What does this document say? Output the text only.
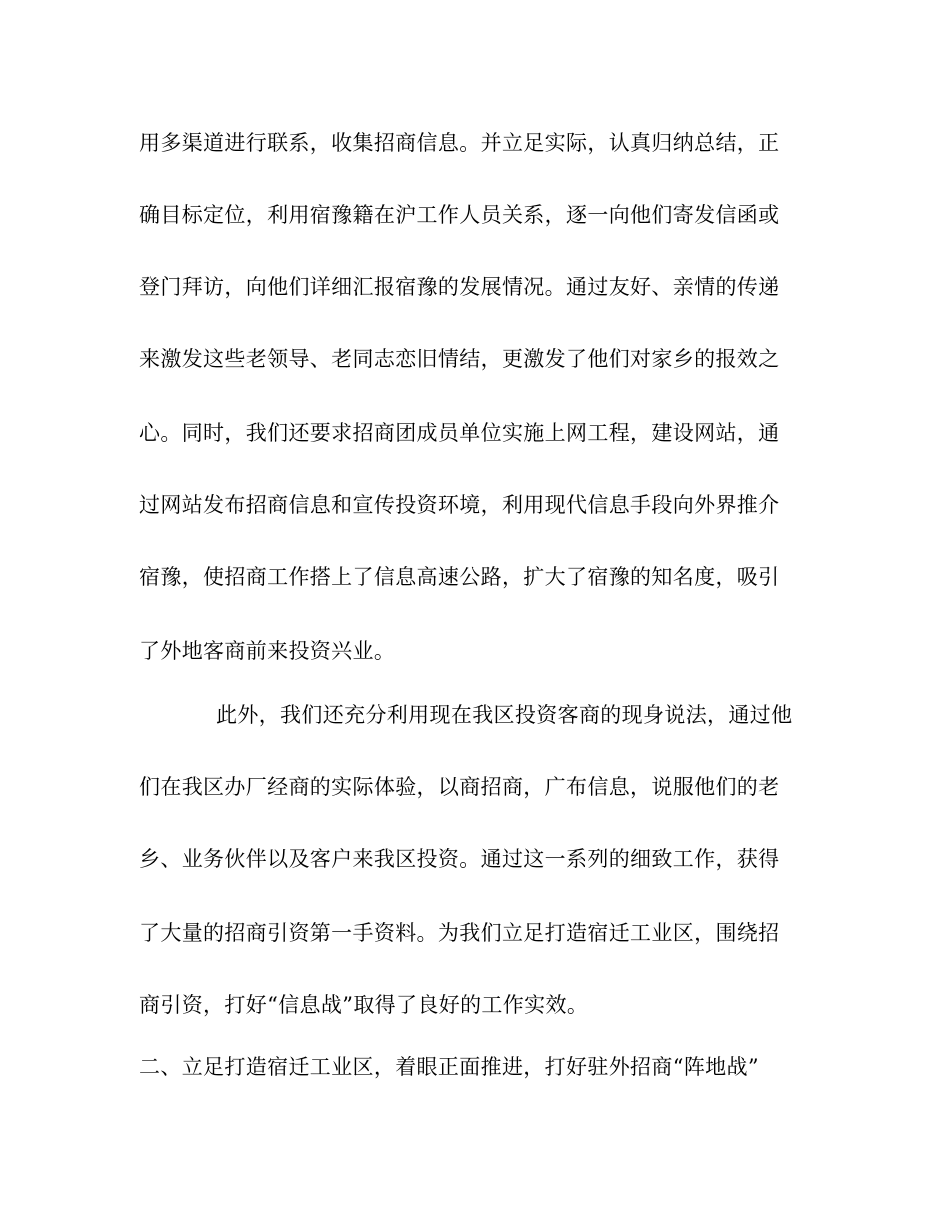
用多渠道进行联系，收集招商信息。并立足实际，认真归纳总结，正
确目标定位，利用宿豫籍在沪工作人员关系，逐一向他们寄发信函或
登门拜访，向他们详细汇报宿豫的发展情况。通过友好、亲情的传递
来激发这些老领导、老同志恋旧情结，更激发了他们对家乡的报效之
心。同时，我们还要求招商团成员单位实施上网工程，建设网站，通
过网站发布招商信息和宣传投资环境，利用现代信息手段向外界推介
宿豫，使招商工作搭上了信息高速公路，扩大了宿豫的知名度，吸引
了外地客商前来投资兴业。
此外，我们还充分利用现在我区投资客商的现身说法，通过他
们在我区办厂经商的实际体验，以商招商，广布信息，说服他们的老
乡、业务伙伴以及客户来我区投资。通过这一系列的细致工作，获得
了大量的招商引资第一手资料。为我们立足打造宿迁工业区，围绕招
商引资，打好“信息战”取得了良好的工作实效。
二、立足打造宿迁工业区，着眼正面推进，打好驻外招商“阵地战”
